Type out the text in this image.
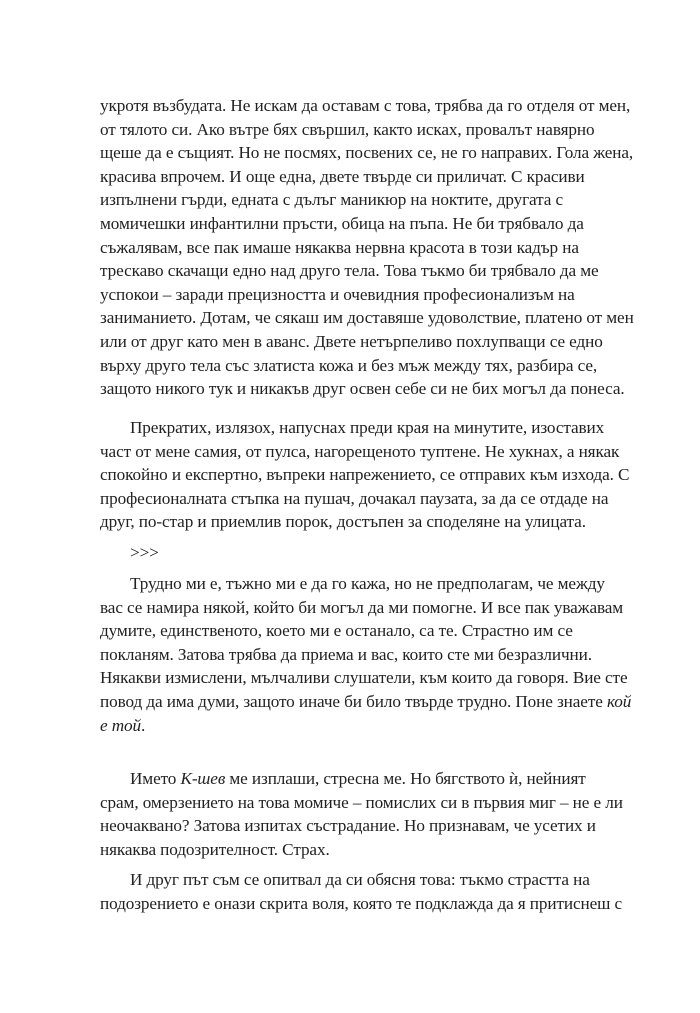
укротя възбудата. Не искам да оставам с това, трябва да го отделя от мен,
от тялото си. Ако вътре бях свършил, както исках, провалът навярно
щеше да е същият. Но не посмях, посвених се, не го направих. Гола жена,
красива впрочем. И още една, двете твърде си приличат. С красиви
изпълнени гърди, едната с дълъг маникюр на ноктите, другата с
момичешки инфантилни пръсти, обица на пъпа. Не би трябвало да
съжалявам, все пак имаше някаква нервна красота в този кадър на
трескаво скачащи едно над друго тела. Това тъкмо би трябвало да ме
успокои – заради прецизността и очевидния професионализъм на
заниманието. Дотам, че сякаш им доставяше удоволствие, платено от мен
или от друг като мен в аванс. Двете нетърпеливо похлупващи се едно
върху друго тела със златиста кожа и без мъж между тях, разбира се,
защото никого тук и никакъв друг освен себе си не бих могъл да понеса.

Прекратих, излязох, напуснах преди края на минутите, изоставих
част от мене самия, от пулса, нагорещеното туптене. Не хукнах, а някак
спокойно и експертно, въпреки напрежението, се отправих към изхода. С
професионалната стъпка на пушач, дочакал паузата, за да се отдаде на
друг, по-стар и приемлив порок, достъпен за споделяне на улицата.

>>>

Трудно ми е, тъжно ми е да го кажа, но не предполагам, че между
вас се намира някой, който би могъл да ми помогне. И все пак уважавам
думите, единственото, което ми е останало, са те. Страстно им се
покланям. Затова трябва да приема и вас, които сте ми безразлични.
Някакви измислени, мълчаливи слушатели, към които да говоря. Вие сте
повод да има думи, защото иначе би било твърде трудно. Поне знаете кой
е той.

Името К-шев ме изплаши, стресна ме. Но бягството ѝ, нейният
срам, омерзението на това момиче – помислих си в първия миг – не е ли
неочаквано? Затова изпитах състрадание. Но признавам, че усетих и
някаква подозрителност. Страх.

И друг път съм се опитвал да си обясня това: тъкмо страстта на
подозрението е онази скрита воля, която те подклажда да я притиснеш с
